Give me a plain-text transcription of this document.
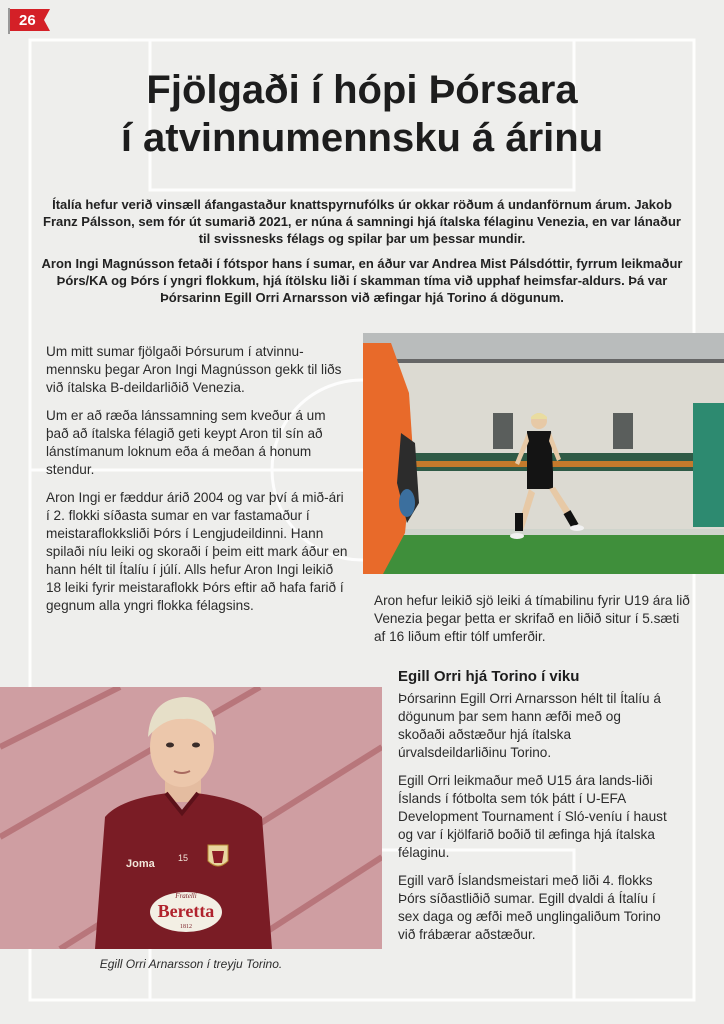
26
Fjölgaði í hópi Þórsara
í atvinnumennsku á árinu

Ítalía hefur verið vinsæll áfangastaður knattspyrnufólks úr okkar röðum á undanförnum árum. Jakob Franz Pálsson, sem fór út sumarið 2021, er núna á samningi hjá ítalska félaginu Venezia, en var lánaður til svissnesks félags og spilar þar um þessar mundir.

Aron Ingi Magnússon fetaði í fótspor hans í sumar, en áður var Andrea Mist Pálsdóttir, fyrrum leikmaður Þórs/KA og Þórs í yngri flokkum, hjá ítölsku liði í skamman tíma við upphaf heimsfar-aldurs. Þá var Þórsarinn Egill Orri Arnarsson við æfingar hjá Torino á dögunum.

Um mitt sumar fjölgaði Þórsurum í atvinnu-mennsku þegar Aron Ingi Magnússon gekk til liðs við ítalska B-deildarliðið Venezia.

Um er að ræða lánssamning sem kveður á um það að ítalska félagið geti keypt Aron til sín að lánstímanum loknum eða á meðan á honum stendur.

Aron Ingi er fæddur árið 2004 og var því á mið-ári í 2. flokki síðasta sumar en var fastamaður í meistaraflokksliði Þórs í Lengjudeildinni. Hann spilaði níu leiki og skoraði í þeim eitt mark áður en hann hélt til Ítalíu í júlí. Alls hefur Aron Ingi leikið 18 leiki fyrir meistaraflokk Þórs eftir að hafa farið í gegnum alla yngri flokka félagsins.	Aron hefur leikið sjö leiki á tímabilinu fyrir U19 ára lið Venezia þegar þetta er skrifað en liðið situr í 5.sæti af 16 liðum eftir tólf umferðir.
Fratelli
Beretta
1812
Joma	15
Egill Orri Arnarsson í treyju Torino.
Egill Orri hjá Torino í viku

Þórsarinn Egill Orri Arnarsson hélt til Ítalíu á dögunum þar sem hann æfði með og skoðaði aðstæður hjá ítalska úrvalsdeildarliðinu Torino.

Egill Orri leikmaður með U15 ára lands-liði Íslands í fótbolta sem tók þátt í U-EFA Development Tournament í Sló-veníu í haust og var í kjölfarið boðið til æfinga hjá ítalska félaginu.

Egill varð Íslandsmeistari með liði 4. flokks Þórs síðastliðið sumar. Egill dvaldi á Ítalíu í sex daga og æfði með unglingaliðum Torino við frábærar aðstæður.
